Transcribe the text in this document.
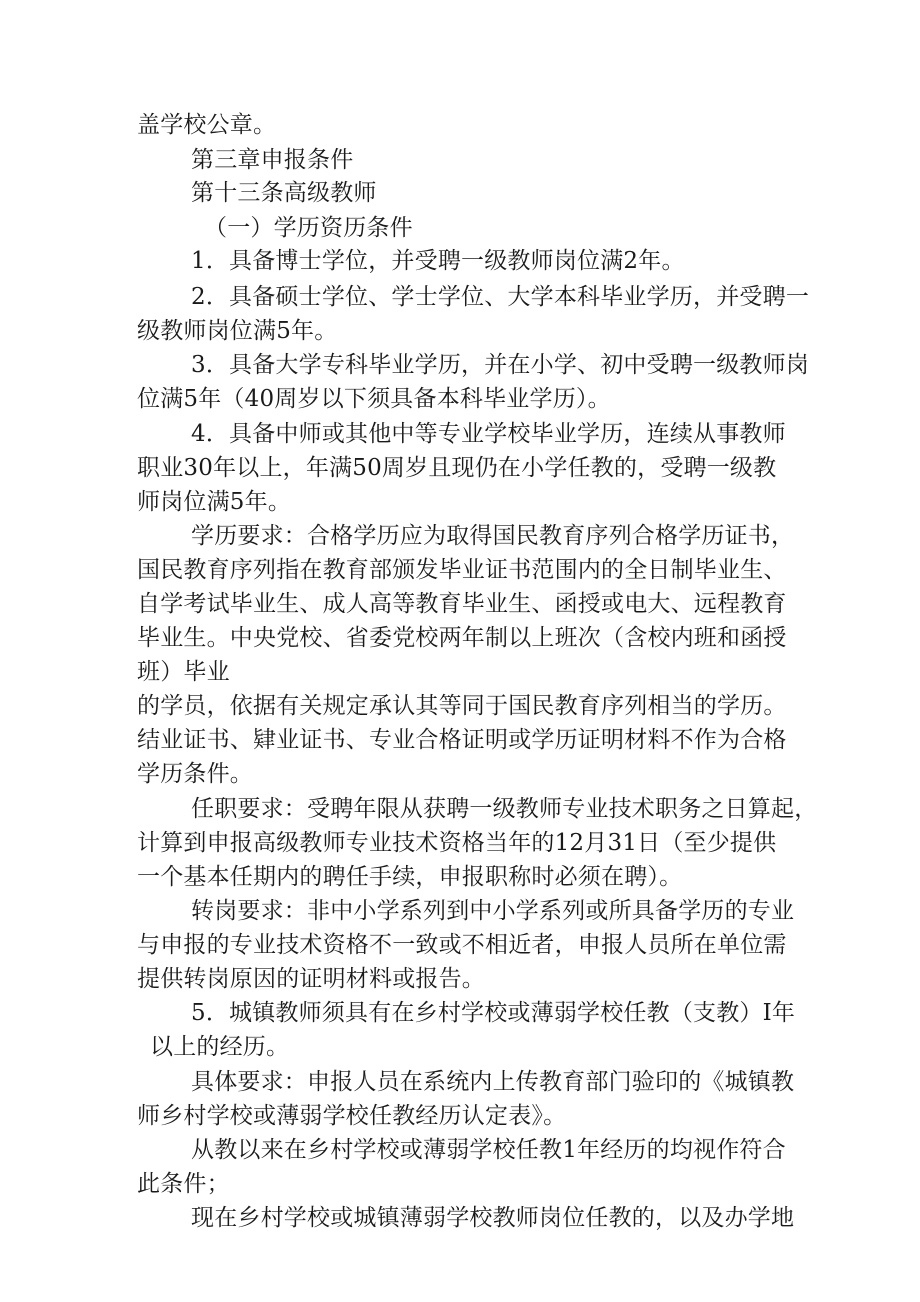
盖学校公章。
第三章申报条件
第十三条高级教师
（一）学历资历条件
1．具备博士学位，并受聘一级教师岗位满2年。
2．具备硕士学位、学士学位、大学本科毕业学历，并受聘一
级教师岗位满5年。
3．具备大学专科毕业学历，并在小学、初中受聘一级教师岗
位满5年（40周岁以下须具备本科毕业学历）。
4．具备中师或其他中等专业学校毕业学历，连续从事教师
职业30年以上，年满50周岁且现仍在小学任教的，受聘一级教
师岗位满5年。
学历要求：合格学历应为取得国民教育序列合格学历证书，
国民教育序列指在教育部颁发毕业证书范围内的全日制毕业生、
自学考试毕业生、成人高等教育毕业生、函授或电大、远程教育
毕业生。中央党校、省委党校两年制以上班次（含校内班和函授
班）毕业
的学员，依据有关规定承认其等同于国民教育序列相当的学历。
结业证书、肄业证书、专业合格证明或学历证明材料不作为合格
学历条件。
任职要求：受聘年限从获聘一级教师专业技术职务之日算起，
计算到申报高级教师专业技术资格当年的12月31日（至少提供
一个基本任期内的聘任手续，申报职称时必须在聘）。
转岗要求：非中小学系列到中小学系列或所具备学历的专业
与申报的专业技术资格不一致或不相近者，申报人员所在单位需
提供转岗原因的证明材料或报告。
5．城镇教师须具有在乡村学校或薄弱学校任教（支教）I年
以上的经历。
具体要求：申报人员在系统内上传教育部门验印的《城镇教
师乡村学校或薄弱学校任教经历认定表》。
从教以来在乡村学校或薄弱学校任教1年经历的均视作符合
此条件；
现在乡村学校或城镇薄弱学校教师岗位任教的，以及办学地
